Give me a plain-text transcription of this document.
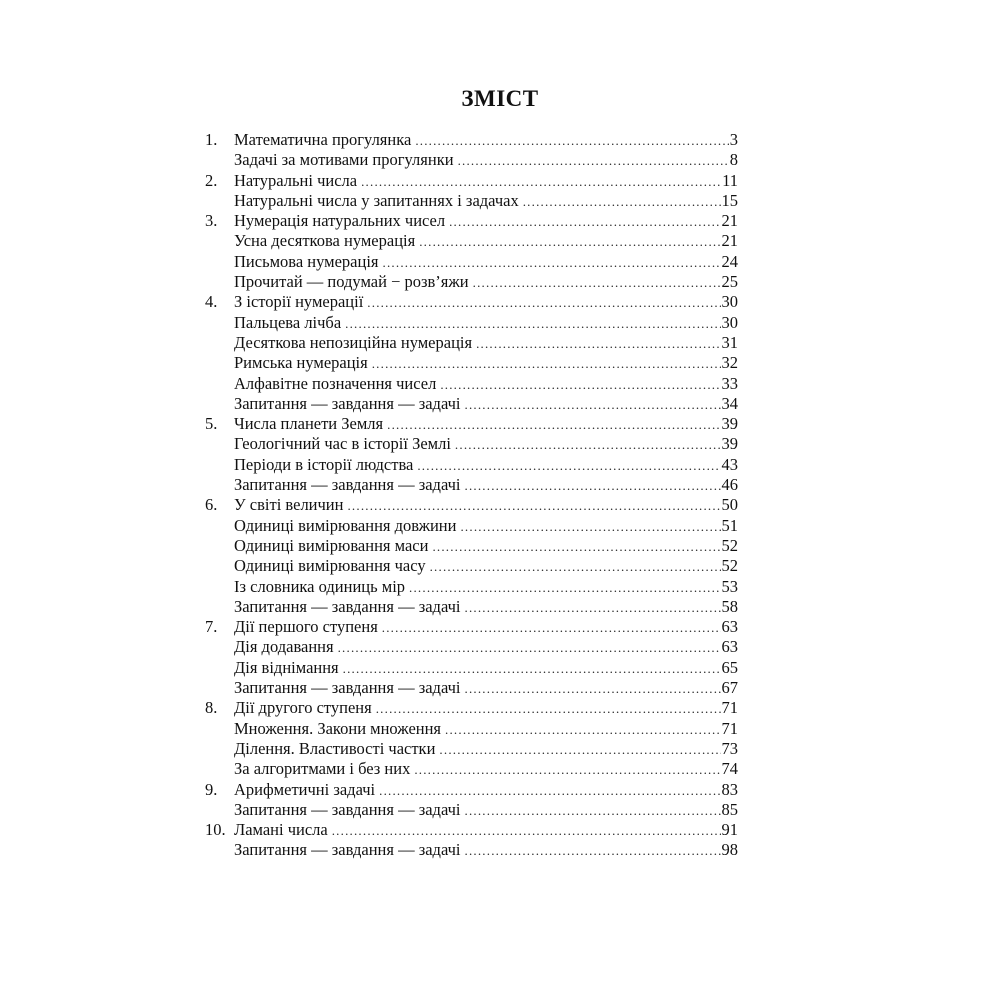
ЗМІСТ
1.	Математична прогулянка .....	3
Задачі за мотивами прогулянки .....	8
2.	Натуральні числа .....	11
Натуральні числа у запитаннях і задачах .....	15
3.	Нумерація натуральних чисел .....	21
Усна десяткова нумерація .....	21
Письмова нумерація .....	24
Прочитай — подумай − розв’яжи .....	25
4.	З історії нумерації .....	30
Пальцева лічба .....	30
Десяткова непозиційна нумерація .....	31
Римська нумерація .....	32
Алфавітне позначення чисел .....	33
Запитання — завдання — задачі .....	34
5.	Числа планети Земля .....	39
Геологічний час в історії Землі .....	39
Періоди в історії людства .....	43
Запитання — завдання — задачі .....	46
6.	У світі величин .....	50
Одиниці вимірювання довжини .....	51
Одиниці вимірювання маси .....	52
Одиниці вимірювання часу .....	52
Із словника одиниць мір .....	53
Запитання — завдання — задачі .....	58
7.	Дії першого ступеня .....	63
Дія додавання .....	63
Дія віднімання .....	65
Запитання — завдання — задачі .....	67
8.	Дії другого ступеня .....	71
Множення. Закони множення .....	71
Ділення. Властивості частки .....	73
За алгоритмами і без них .....	74
9.	Арифметичні задачі .....	83
Запитання — завдання — задачі .....	85
10. Ламані числа .....	91
Запитання — завдання — задачі .....	98
